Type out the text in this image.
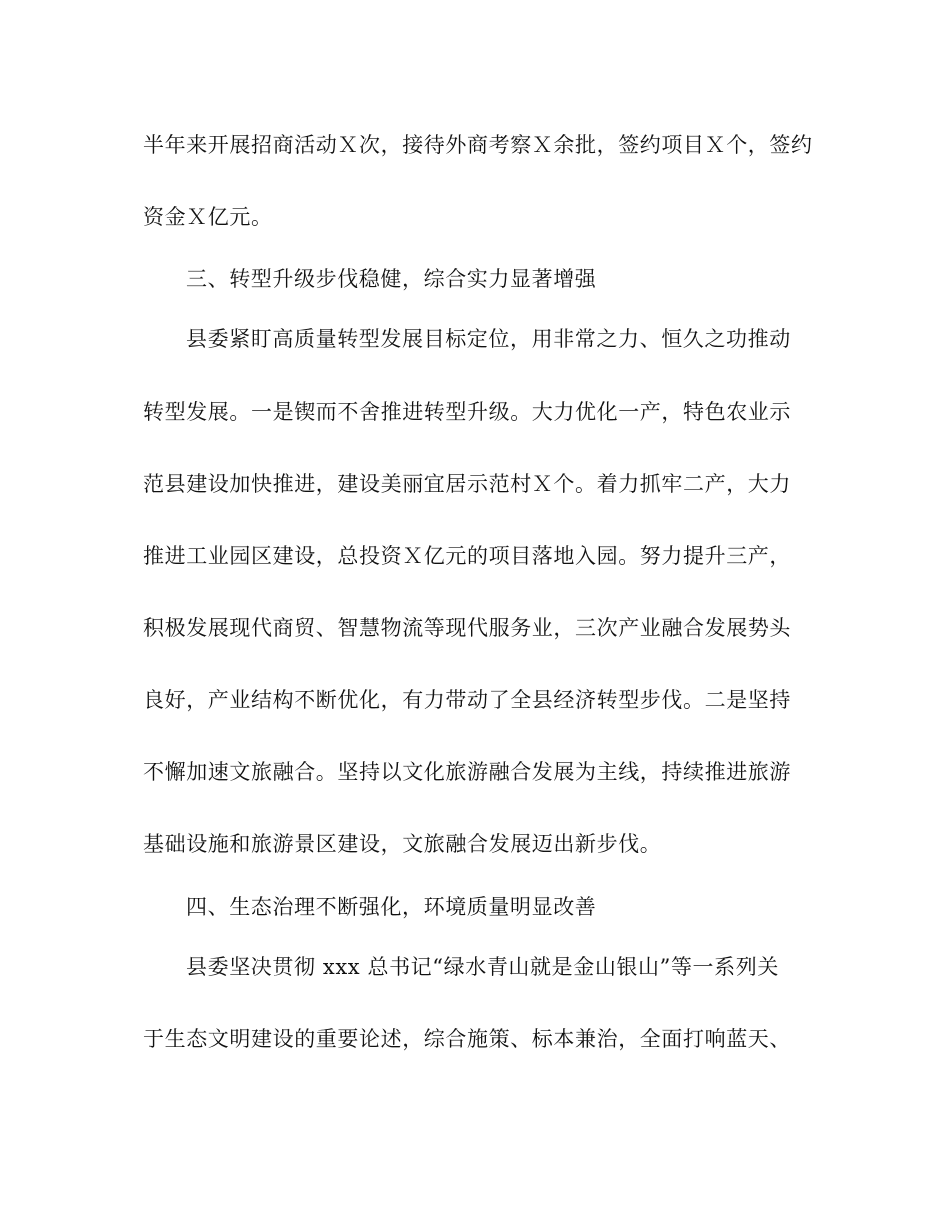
半年来开展招商活动Ｘ次，接待外商考察Ｘ余批，签约项目Ｘ个，签约
资金Ｘ亿元。
三、转型升级步伐稳健，综合实力显著增强
县委紧盯高质量转型发展目标定位，用非常之力、恒久之功推动
转型发展。一是锲而不舍推进转型升级。大力优化一产，特色农业示
范县建设加快推进，建设美丽宜居示范村Ｘ个。着力抓牢二产，大力
推进工业园区建设，总投资Ｘ亿元的项目落地入园。努力提升三产，
积极发展现代商贸、智慧物流等现代服务业，三次产业融合发展势头
良好，产业结构不断优化，有力带动了全县经济转型步伐。二是坚持
不懈加速文旅融合。坚持以文化旅游融合发展为主线，持续推进旅游
基础设施和旅游景区建设，文旅融合发展迈出新步伐。
四、生态治理不断强化，环境质量明显改善
县委坚决贯彻 xxx 总书记“绿水青山就是金山银山”等一系列关
于生态文明建设的重要论述，综合施策、标本兼治，全面打响蓝天、
